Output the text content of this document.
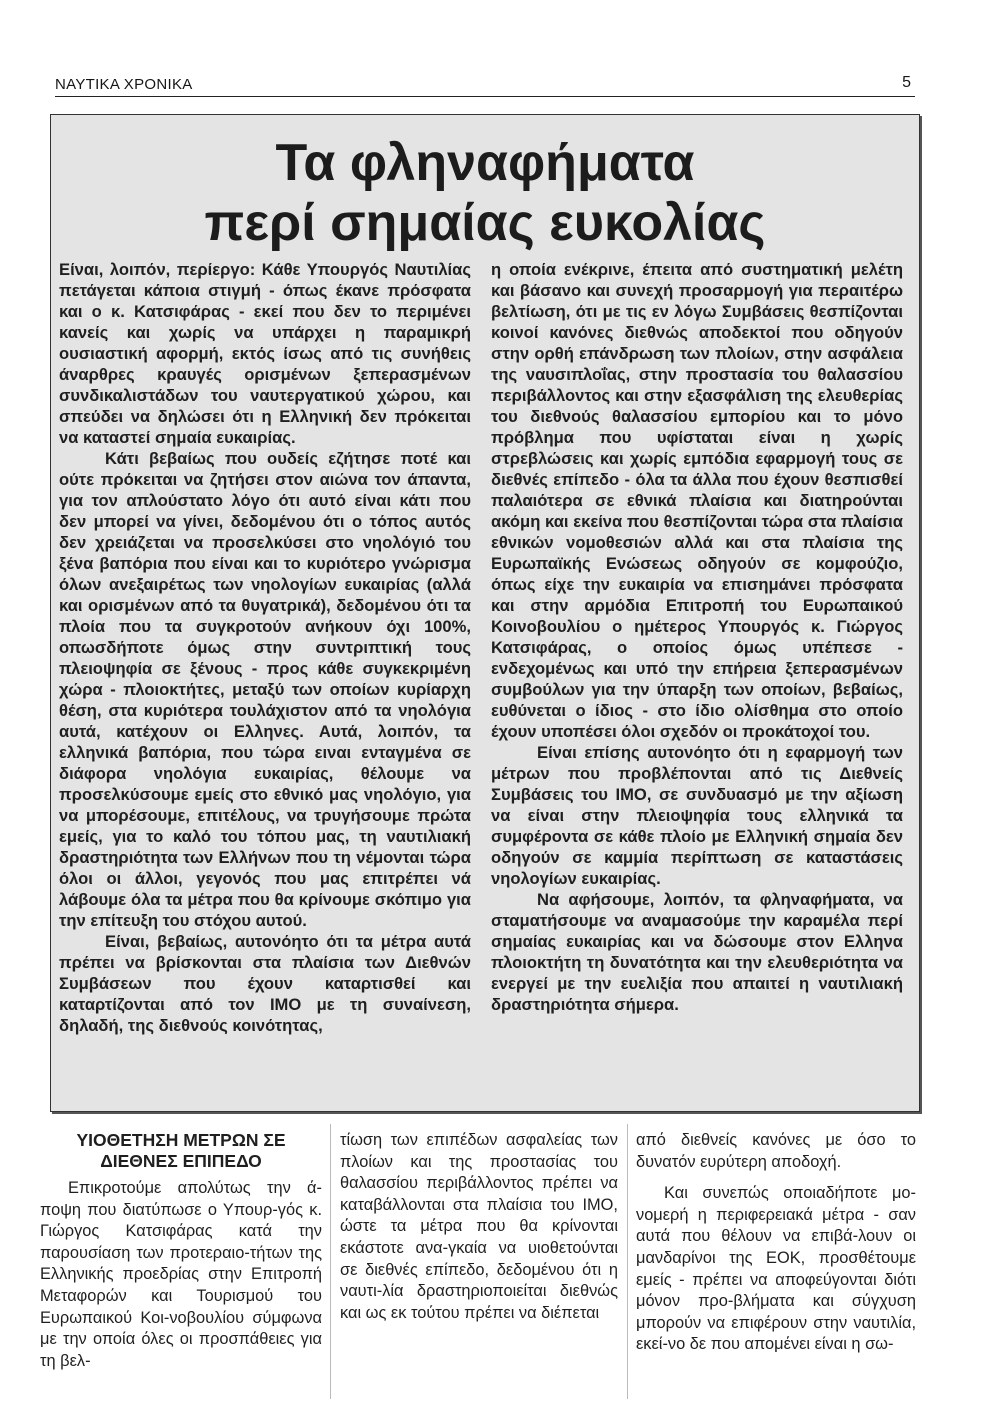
ΝΑΥΤΙΚΑ ΧΡΟΝΙΚΑ	5
Τα φληναφήματα
περί σημαίας ευκολίας

Είναι, λοιπόν, περίεργο: Κάθε Υπουργός Ναυτιλίας πετάγεται κάποια στιγμή - όπως έκανε πρόσφατα και ο κ. Κατσιφάρας - εκεί που δεν το περιμένει κανείς και χωρίς να υπάρχει η παραμικρή ουσιαστική αφορμή, εκτός ίσως από τις συνήθεις άναρθρες κραυγές ορισμένων ξεπερασμένων συνδικαλιστάδων του ναυτεργατικού χώρου, και σπεύδει να δηλώσει ότι η Ελληνική δεν πρόκειται να καταστεί σημαία ευκαιρίας.

Κάτι βεβαίως που ουδείς εζήτησε ποτέ και ούτε πρόκειται να ζητήσει στον αιώνα τον άπαντα, για τον απλούστατο λόγο ότι αυτό είναι κάτι που δεν μπορεί να γίνει, δεδομένου ότι ο τόπος αυτός δεν χρειάζεται να προσελκύσει στο νηολόγιό του ξένα βαπόρια που είναι και το κυριότερο γνώρισμα όλων ανεξαιρέτως των νηολογίων ευκαιρίας (αλλά και ορισμένων από τα θυγατρικά), δεδομένου ότι τα πλοία που τα συγκροτούν ανήκουν όχι 100%, οπωσδήποτε όμως στην συντριπτική τους πλειοψηφία σε ξένους - προς κάθε συγκεκριμένη χώρα - πλοιοκτήτες, μεταξύ των οποίων κυρίαρχη θέση, στα κυριότερα τουλάχιστον από τα νηολόγια αυτά, κατέχουν οι Ελληνες. Αυτά, λοιπόν, τα ελληνικά βαπόρια, που τώρα ειναι ενταγμένα σε διάφορα νηολόγια ευκαιρίας, θέλουμε να προσελκύσουμε εμείς στο εθνικό μας νηολόγιο, για να μπορέσουμε, επιτέλους, να τρυγήσουμε πρώτα εμείς, για το καλό του τόπου μας, τη ναυτιλιακή δραστηριότητα των Ελλήνων που τη νέμονται τώρα όλοι οι άλλοι, γεγονός που μας επιτρέπει νά λάβουμε όλα τα μέτρα που θα κρίνουμε σκόπιμο για την επίτευξη του στόχου αυτού.

Είναι, βεβαίως, αυτονόητο ότι τα μέτρα αυτά πρέπει να βρίσκονται στα πλαίσια των Διεθνών Συμβάσεων που έχουν καταρτισθεί και καταρτίζονται από τον ΙΜΟ με τη συναίνεση, δηλαδή, της διεθνούς κοινότητας,

η οποία ενέκρινε, έπειτα από συστηματική μελέτη και βάσανο και συνεχή προσαρμογή για περαιτέρω βελτίωση, ότι με τις εν λόγω Συμβάσεις θεσπίζονται κοινοί κανόνες διεθνώς αποδεκτοί που οδηγούν στην ορθή επάνδρωση των πλοίων, στην ασφάλεια της ναυσιπλοΐας, στην προστασία του θαλασσίου περιβάλλοντος και στην εξασφάλιση της ελευθερίας του διεθνούς θαλασσίου εμπορίου και το μόνο πρόβλημα που υφίσταται είναι η χωρίς στρεβλώσεις και χωρίς εμπόδια εφαρμογή τους σε διεθνές επίπεδο - όλα τα άλλα που έχουν θεσπισθεί παλαιότερα σε εθνικά πλαίσια και διατηρούνται ακόμη και εκείνα που θεσπίζονται τώρα στα πλαίσια εθνικών νομοθεσιών αλλά και στα πλαίσια της Ευρωπαϊκής Ενώσεως οδηγούν σε κομφούζιο, όπως είχε την ευκαιρία να επισημάνει πρόσφατα και στην αρμόδια Επιτροπή του Ευρωπαικού Κοινοβουλίου ο ημέτερος Υπουργός κ. Γιώργος Κατσιφάρας, ο οποίος όμως υπέπεσε - ενδεχομένως και υπό την επήρεια ξεπερασμένων συμβούλων για την ύπαρξη των οποίων, βεβαίως, ευθύνεται ο ίδιος - στο ίδιο ολίσθημα στο οποίο έχουν υποπέσει όλοι σχεδόν οι προκάτοχοί του.

Είναι επίσης αυτονόητο ότι η εφαρμογή των μέτρων που προβλέπονται από τις Διεθνείς Συμβάσεις του ΙΜΟ, σε συνδυασμό με την αξίωση να είναι στην πλειοψηφία τους ελληνικά τα συμφέροντα σε κάθε πλοίο με Ελληνική σημαία δεν οδηγούν σε καμμία περίπτωση σε καταστάσεις νηολογίων ευκαιρίας.

Να αφήσουμε, λοιπόν, τα φληναφήματα, να σταματήσουμε να αναμασούμε την καραμέλα περί σημαίας ευκαιρίας και να δώσουμε στον Ελληνα πλοιοκτήτη τη δυνατότητα και την ελευθεριότητα να ενεργεί με την ευελιξία που απαιτεί η ναυτιλιακή δραστηριότητα σήμερα.

ΥΙΟΘΕΤΗΣΗ ΜΕΤΡΩΝ ΣΕ
ΔΙΕΘΝΕΣ ΕΠΙΠΕΔΟ

Επικροτούμε απολύτως την ά-ποψη που διατύπωσε ο Υπουρ-γός κ. Γιώργος Κατσιφάρας κατά την παρουσίαση των προτεραιο-τήτων της Ελληνικής προεδρίας στην Επιτροπή Μεταφορών και Τουρισμού του Ευρωπαικού Κοι-νοβουλίου σύμφωνα με την οποία όλες οι προσπάθειες για τη βελ-

τίωση των επιπέδων ασφαλείας των πλοίων και της προστασίας του θαλασσίου περιβάλλοντος πρέπει να καταβάλλονται στα πλαίσια του ΙΜΟ, ώστε τα μέτρα που θα κρίνονται εκάστοτε ανα-γκαία να υιοθετούνται σε διεθνές επίπεδο, δεδομένου ότι η ναυτι-λία δραστηριοποιείται διεθνώς και ως εκ τούτου πρέπει να διέπεται

από διεθνείς κανόνες με όσο το δυνατόν ευρύτερη αποδοχή.

Και συνεπώς οποιαδήποτε μο-νομερή η περιφερειακά μέτρα - σαν αυτά που θέλουν να επιβά-λουν οι μανδαρίνοι της ΕΟΚ, προσθέτουμε εμείς - πρέπει να αποφεύγονται διότι μόνον προ-βλήματα και σύγχυση μπορούν να επιφέρουν στην ναυτιλία, εκεί-νο δε που απομένει είναι η σω-
